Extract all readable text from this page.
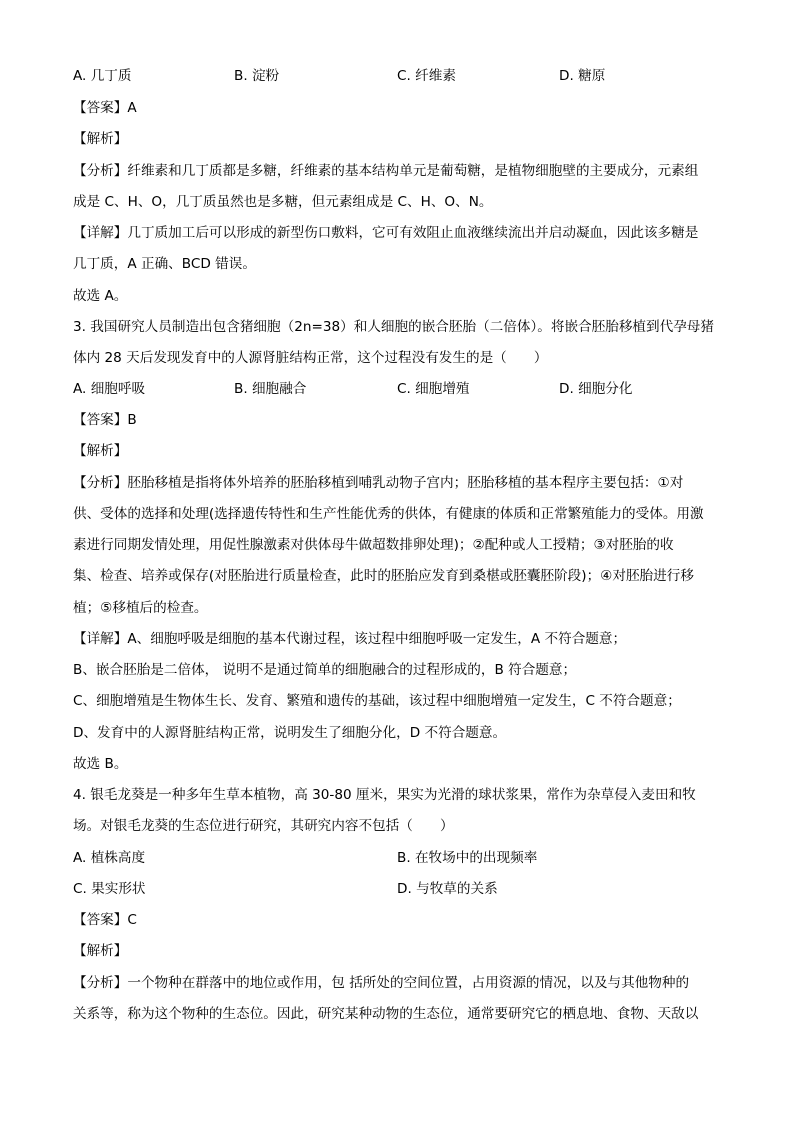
A. 几丁质	B. 淀粉	C. 纤维素	D. 糖原
【答案】A
【解析】
【分析】纤维素和几丁质都是多糖，纤维素的基本结构单元是葡萄糖，是植物细胞壁的主要成分，元素组
成是 C、H、O，几丁质虽然也是多糖，但元素组成是 C、H、O、N。
【详解】几丁质加工后可以形成的新型伤口敷料，它可有效阻止血液继续流出并启动凝血，因此该多糖是
几丁质，A 正确、BCD 错误。
故选 A。
3. 我国研究人员制造出包含猪细胞（2n=38）和人细胞的嵌合胚胎（二倍体）。将嵌合胚胎移植到代孕母猪
体内 28 天后发现发育中的人源肾脏结构正常，这个过程没有发生的是（　　）
A. 细胞呼吸	B. 细胞融合	C. 细胞增殖	D. 细胞分化
【答案】B
【解析】
【分析】胚胎移植是指将体外培养的胚胎移植到哺乳动物子宫内；胚胎移植的基本程序主要包括：①对
供、受体的选择和处理(选择遗传特性和生产性能优秀的供体，有健康的体质和正常繁殖能力的受体。用激
素进行同期发情处理，用促性腺激素对供体母牛做超数排卵处理)；②配种或人工授精；③对胚胎的收
集、检查、培养或保存(对胚胎进行质量检查，此时的胚胎应发育到桑椹或胚囊胚阶段)；④对胚胎进行移
植；⑤移植后的检查。
【详解】A、细胞呼吸是细胞的基本代谢过程，该过程中细胞呼吸一定发生，A 不符合题意；
B、嵌合胚胎是二倍体， 说明不是通过简单的细胞融合的过程形成的，B 符合题意；
C、细胞增殖是生物体生长、发育、繁殖和遗传的基础，该过程中细胞增殖一定发生，C 不符合题意；
D、发育中的人源肾脏结构正常，说明发生了细胞分化，D 不符合题意。
故选 B。
4. 银毛龙葵是一种多年生草本植物，高 30-80 厘米，果实为光滑的球状浆果，常作为杂草侵入麦田和牧
场。对银毛龙葵的生态位进行研究，其研究内容不包括（　　）
A. 植株高度	B. 在牧场中的出现频率
C. 果实形状	D. 与牧草的关系
【答案】C
【解析】
【分析】一个物种在群落中的地位或作用，包 括所处的空间位置，占用资源的情况，以及与其他物种的
关系等，称为这个物种的生态位。因此，研究某种动物的生态位，通常要研究它的栖息地、食物、天敌以
